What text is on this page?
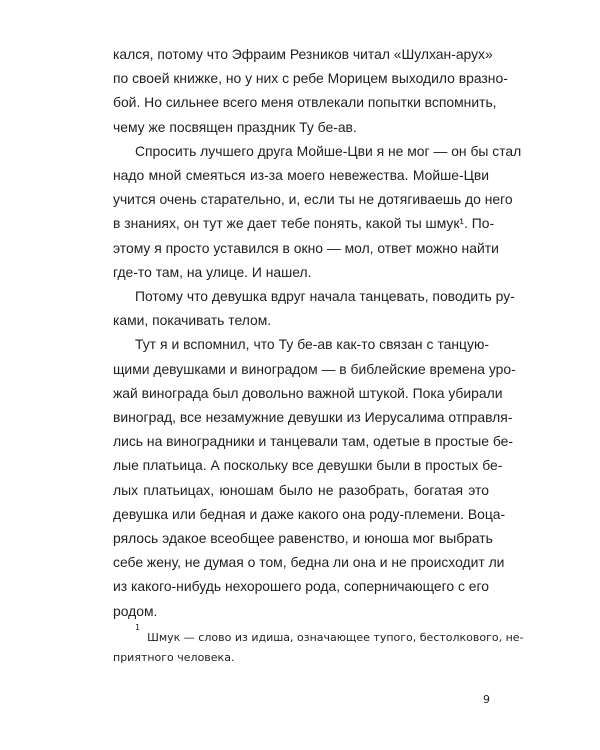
кался, потому что Эфраим Резников читал «Шулхан-арух»
по своей книжке, но у них с ребе Морицем выходило вразно-
бой. Но сильнее всего меня отвлекали попытки вспомнить,
чему же посвящен праздник Ту бе-ав.
Спросить лучшего друга Мойше-Цви я не мог — он бы стал
надо мной смеяться из-за моего невежества. Мойше-Цви
учится очень старательно, и, если ты не дотягиваешь до него
в знаниях, он тут же дает тебе понять, какой ты шмук¹. По-
этому я просто уставился в окно — мол, ответ можно найти
где-то там, на улице. И нашел.
Потому что девушка вдруг начала танцевать, поводить ру-
ками, покачивать телом.
Тут я и вспомнил, что Ту бе-ав как-то связан с танцую-
щими девушками и виноградом — в библейские времена уро-
жай винограда был довольно важной штукой. Пока убирали
виноград, все незамужние девушки из Иерусалима отправля-
лись на виноградники и танцевали там, одетые в простые бе-
лые платьица. А поскольку все девушки были в простых бе-
лых платьицах, юношам было не разобрать, богатая это
девушка или бедная и даже какого она роду-племени. Воца-
рялось эдакое всеобщее равенство, и юноша мог выбрать
себе жену, не думая о том, бедна ли она и не происходит ли
из какого-нибудь нехорошего рода, соперничающего с его
родом.
1

Шмук — слово из идиша, означающее тупого, бестолкового, не-
приятного человека.
9
